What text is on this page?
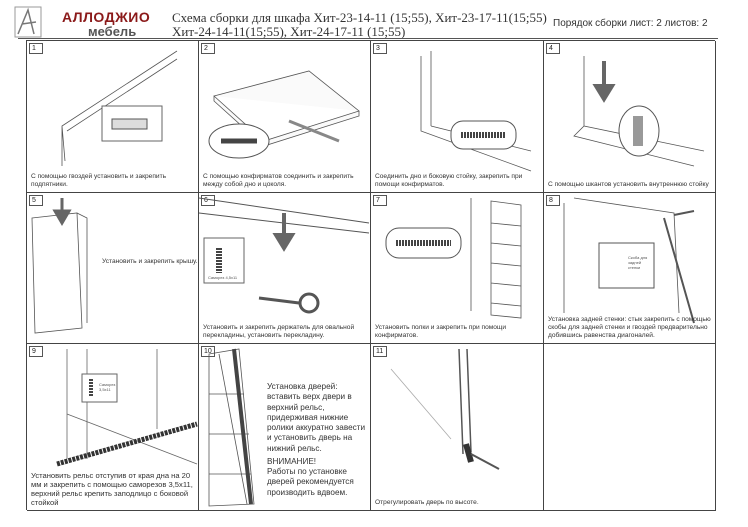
АЛЛОДЖИО
мебель
Схема сборки для шкафа Хит-23-14-11 (15;55), Хит-23-17-11(15;55)
Хит-24-14-11(15;55), Хит-24-17-11 (15;55)
Порядок сборки лист: 2 листов: 2
1
С помощью гвоздей установить и закрепить подпятники.
2
С помощью конфирматов соединить и закрепить между собой дно и цоколя.
3
Соединить дно и боковую стойку, закрепить при помощи конфирматов.
4
С помощью шкантов установить внутреннюю стойку
5
Установить и закрепить крышу.
6
Саморез 4,5х11
Установить и закрепить держатель для овальной перекладины, установить перекладину.
7
Установить полки и закрепить при помощи конфирматов.
8
Скоба для задней стенки
Установка задней стенки: стык закрепить с помощью скобы для задней стенки и гвоздей предварительно добившись равенства диагоналей.
9
Саморез 3,5х11
Установить рельс отступив от края дна на 20 мм и закрепить с помощью саморезов 3,5х11, верхний рельс крепить заподлицо с боковой стойкой
10
Установка дверей: вставить верх двери в верхний рельс, придерживая нижние ролики аккуратно завести и установить дверь на нижний рельс.
ВНИМАНИЕ!
Работы по установке дверей рекомендуется производить вдвоем.
11
Отрегулировать дверь по высоте.
